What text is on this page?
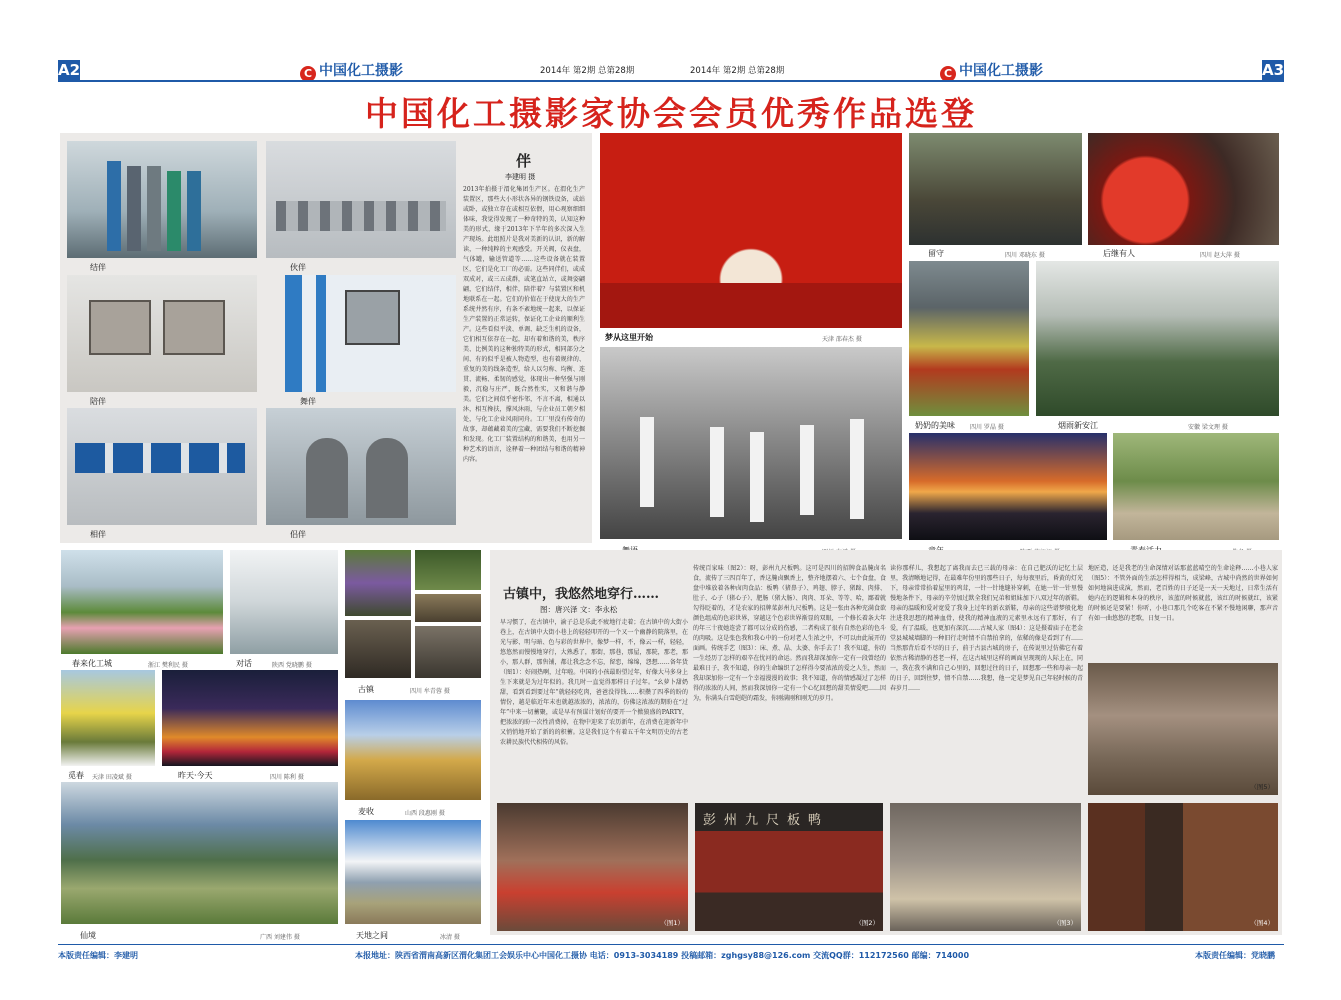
A2	C 中国化工摄影	2014年 第2期 总第28期	2014年 第2期 总第28期	C 中国化工摄影	A3
中国化工摄影家协会会员优秀作品选登
结伴	伙伴
陪伴	舞伴
相伴	侣伴
伴
李建明 摄
2013年拍摄于渭化集团生产区。在渭化生产装置区，那些大小形状各异的钢铁设备，或站或卧，或独立存在或相互依偎，用心观察细细体味，我觉得发现了一种奇特的美，认知这种美的形式，缘于2013年下半年的多次深入生产现场。此组照片是我对美新的认识，新的解读，一种纯粹的主观感受。开关阀，仪表盘，气体罐，输送管道等……这些设备就在装置区，它们是化工厂的必需。这些同伴们，或成双成对，或三五成群，或笔直站立，或舞姿翩翩，它们结伴，相伴，陪伴着？与装置区和机地联系在一起。它们的价值在于使庞大的生产系统井然有序，有条不紊地统一起来，以保证生产装置的正常运转，保证化工企业的顺利生产。这些看似平淡、单调、缺乏生机的设备，它们相互依存在一起，却有着和谐的美，秩序美、比例美的这种独特美的形式，相同部分之间、有的似乎是被人物造型，也有着规律的、重复的美的线条造型，给人以匀称、均衡、连贯、流畅、柔韧的感觉，体现出一种坚强与刚毅，沉稳与庄严，既合然性实，又和谐与静美。它们之间似乎密作邻，不言不离，相通以沐，相互搀扶，撑风沐雨，与企业员工朝夕相处，与化工企业风雨同舟。工厂里没有传奇的故事，却蕴藏着美的宝藏，需要我们不断挖掘和发现。化工厂装置结构的和谐美，也用另一种艺术的语言，诠释着一种团结与和谐的精神内容。
梦从这里开始	天津 邵春杰 摄
留守	四川 邓晓东 摄	后继有人	四川 赵大萍 摄
奶奶的美味	四川 罗晶 摄	烟雨新安江	安徽 梁文理 摄
春来化工城	浙江 樊利民 摄	对话	陕西 党晓鹏 摄
古镇	四川 牟青蓉 摄
觅春 天津 田凌斌 摄	昨天·今天	四川 陈利 摄
麦收	山西 段惠刚 摄
仙境	广西 刘建伟 摄	天地之间	冰清 摄
古镇中，我悠然地穿行……
图：唐兴泽 文：李永松
早习惯了，在古镇中，渝子总是乐此不疲地行走着；在古镇中的大街小巷上，在古镇中大街小巷上的轻轻叩开的一个又一个幽静的院落里，在光与影、明与暗、色与彩的世界中，像梦一样，不，像云一样，轻轻，悠悠然而慢慢地穿行，大熟悉了，那街，那巷，那屋，那院，那老，那小，那人群，那售铺，都让我念念不忘，留恋，绵绵，怨想……备年货（图1）：好闹热啊，过年啦。中国的小孩最盼望过年，好像大马多身上生下来就是为过年似的。我几时一直觉得那样日子过年。“幺萝卜甜奶甜，看到看到要过年”就轻轻吃肉，爸爸没得钱……积攒了四季的盼的情份，越是临近年末也就越浓浓的，浓浓的，仿佛这浓浓的期盼在“过年”中来一切蓄聚，或是早有预谋计划好的要开一个掀狼盛的PARTY，把浓浓的盼一次性消费掉，在物中迎来了农历新年，在消费在迎新年中又悄悄地开始了新的的积蓄。这是我们这个有着五千年文明历史的古老农耕民族代代相传的风俗。
传统百家味（图2）：呀，彭州九尺板鸭。这可是四川的招牌食品腌卤名食，流传了三四百年了，香这腌卤飘香上，整齐地摆着六、七个食盘，食盘中堆放着各种卤肉食品：板鸭（猪鼻子）、鸡翅、脖子、猪蹄、肉排、肚子、心子（猪心子）、肥肠（猪大肠）、肉肉、耳朵、等等、哈，鄙着就勾得眨着的，才是农家的招牌菜彭州九尺板鸭。这是一张由各种充满食欲颜色组成的色彩世界，穿越这个色彩世界渐显的双眼，一个修长着条大年的年三十夜她连尝了都可以分成的伤感，二者构成了很有自然色彩的色斗的肉吸。这是张色我和我心中的一份对老人生浓之中，不可以由此展开的面画。传统手艺（图3）：床、煮、晶、太婆、你手去了！我不知道，你的一生经历了怎样的艰辛在忧河的命运。然而我却深加你一定有一段曾经的最难日子，我不知道，你的生命编织了怎样得今要浓浓的爱之人生，然而我却深加你一定有一个幸福漫漫的故事；我不知道，你的情感凝过了怎样得的浓浓的人间，然而我深加你一定有一个心忆回想的甜美情爱吧……因为，你满头白雪皑皑的霜发，你刚满刚和刚无的岁月。
读你那样儿，我想起了离我而去已三载的母亲：在自己肥沃的记忆土层里，我清晰地记得，在最难年份里的那些日子，每每夜里后，昏黄的灯光下，母亲常常拾着屋里的鸡茸，一针一针地缝补穿刺，在她一针一针里慢慢地条件下，母亲的辛劳加过默全我们兄弟和姐妹加下八双过年的新鞋。母亲的温暖和爱对宽爱了我身上过年的新衣新鞋，母亲的这些谱梦般化地注进我思想的精神血骨，使我的精神血液的元素里永远有了那好，有了爱，有了温暖，也更加有深沉……古城人家（图4）：这是摄着庙子在老金堂县城城墙脚的一种旧行走时情不自禁拍拿的，依稀的像是看到了有……当然那背后看不尽的日子，前于古县古城的房子，在传说里过仿佛它有着依然古稀清静的苍老一样，在这古城里这样的画面呈现现的人际上在，同一，我在我不满和自己心里的，回想过往的日子，回想那一些和母亲一起的日子，回到往梦，情不自禁……我想，他一定是梦见自己年轻时候的青春岁月……
地匠造，还是我老的生命深情对话那蓝蓝晴空的生命诠释……小巷人家（图5）：不管外面的生活怎样得相当，成梁峰，古城中尚然的世界如何如何地演进成演，然而，老百姓的日子还是一天一天地过，日常生活有她内在的逻辑和本身的秩序，该蓝的时候就蓝，该红的时候就红，该紧的时候还是要紧！你听，小巷口那几个吃客在不紧不慢地闲聊，那声音有如一曲悠悠的老歌，日复一日。
（图5）
（图1）
彭州九尺板鸭
（图2）	（图3）	（图4）
本版责任编辑：李建明	本报地址：陕西省渭南高新区渭化集团工会娱乐中心中国化工摄协 电话：0913-3034189 投稿邮箱：zghgsy88@126.com 交流QQ群：112172560 邮编：714000	本版责任编辑：党晓鹏
